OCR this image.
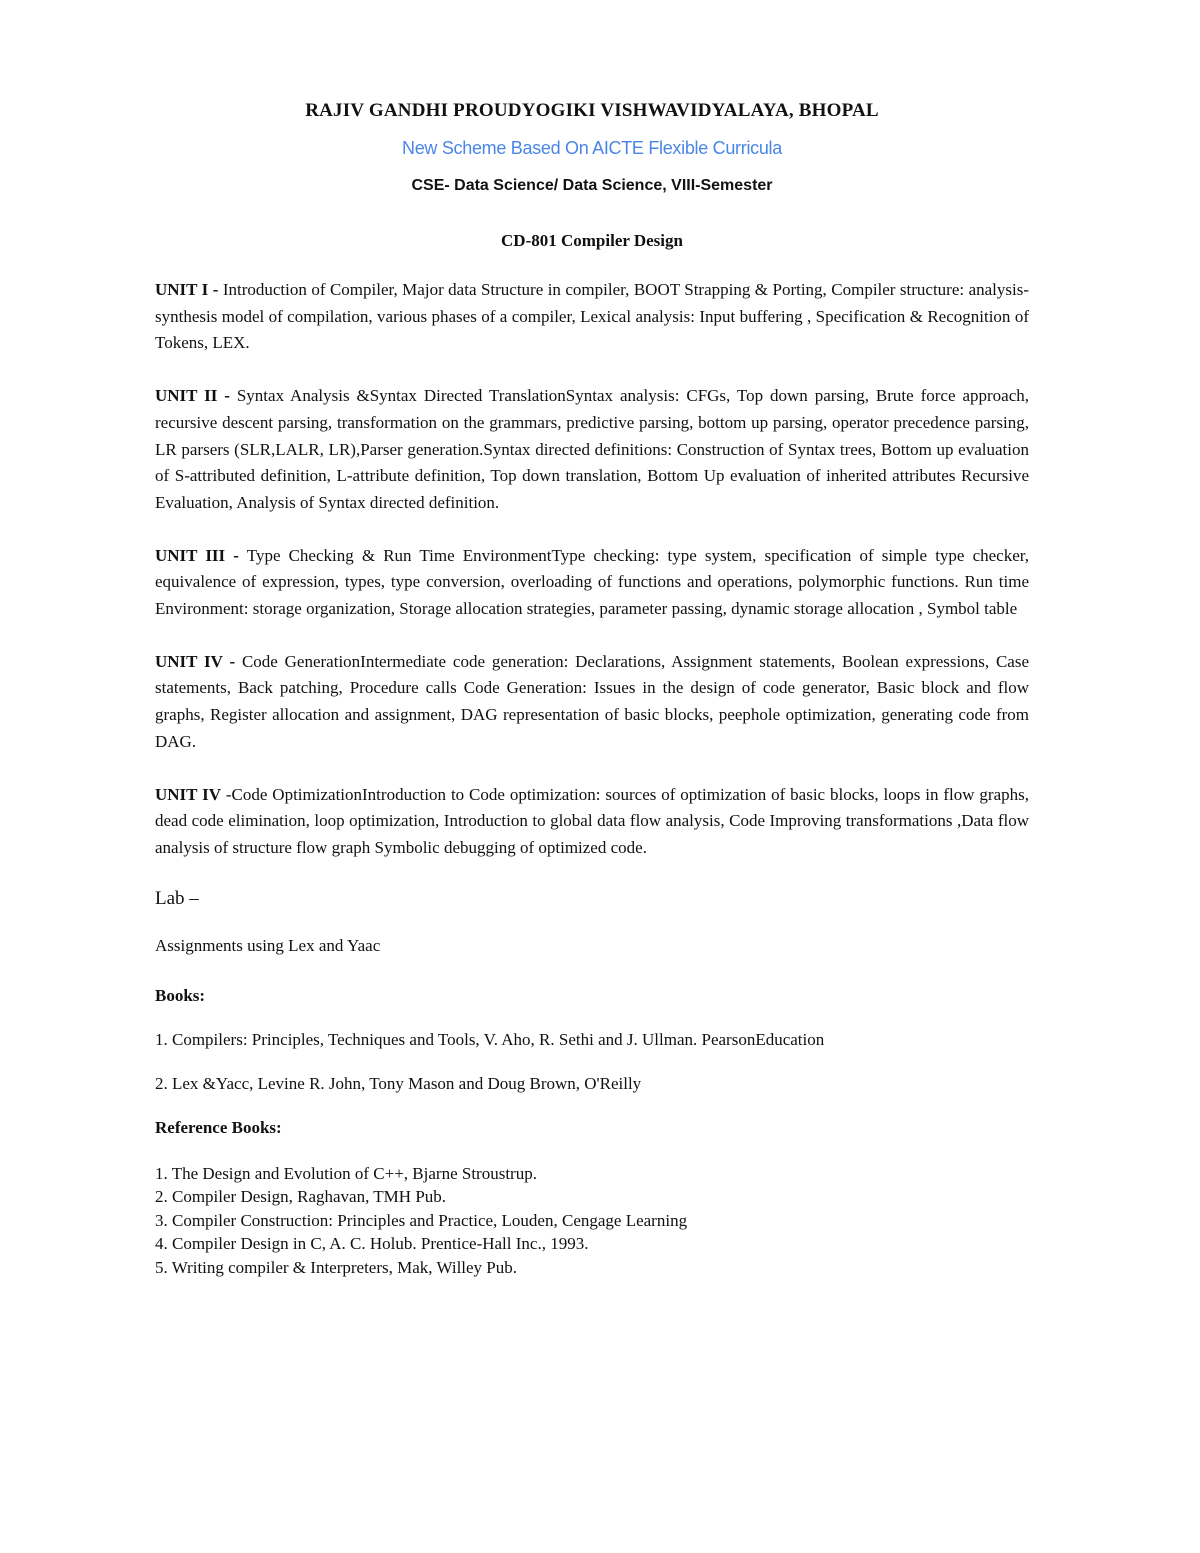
RAJIV GANDHI PROUDYOGIKI VISHWAVIDYALAYA, BHOPAL
New Scheme Based On AICTE Flexible Curricula
CSE- Data Science/ Data Science, VIII-Semester
CD-801 Compiler Design

UNIT I - Introduction of Compiler, Major data Structure in compiler, BOOT Strapping & Porting, Compiler structure: analysis-synthesis model of compilation, various phases of a compiler, Lexical analysis: Input buffering , Specification & Recognition of Tokens, LEX.

UNIT II - Syntax Analysis &Syntax Directed TranslationSyntax analysis: CFGs, Top down parsing, Brute force approach, recursive descent parsing, transformation on the grammars, predictive parsing, bottom up parsing, operator precedence parsing, LR parsers (SLR,LALR, LR),Parser generation.Syntax directed definitions: Construction of Syntax trees, Bottom up evaluation of S-attributed definition, L-attribute definition, Top down translation, Bottom Up evaluation of inherited attributes Recursive Evaluation, Analysis of Syntax directed definition.

UNIT III - Type Checking & Run Time EnvironmentType checking: type system, specification of simple type checker, equivalence of expression, types, type conversion, overloading of functions and operations, polymorphic functions. Run time Environment: storage organization, Storage allocation strategies, parameter passing, dynamic storage allocation , Symbol table

UNIT IV - Code GenerationIntermediate code generation: Declarations, Assignment statements, Boolean expressions, Case statements, Back patching, Procedure calls Code Generation: Issues in the design of code generator, Basic block and flow graphs, Register allocation and assignment, DAG representation of basic blocks, peephole optimization, generating code from DAG.

UNIT IV -Code OptimizationIntroduction to Code optimization: sources of optimization of basic blocks, loops in flow graphs, dead code elimination, loop optimization, Introduction to global data flow analysis, Code Improving transformations ,Data flow analysis of structure flow graph Symbolic debugging of optimized code.

Lab –
Assignments using Lex and Yaac
Books:
1. Compilers: Principles, Techniques and Tools, V. Aho, R. Sethi and J. Ullman. PearsonEducation
2. Lex &Yacc, Levine R. John, Tony Mason and Doug Brown, O'Reilly
Reference Books:
1. The Design and Evolution of C++, Bjarne Stroustrup.
2. Compiler Design, Raghavan, TMH Pub.
3. Compiler Construction: Principles and Practice, Louden, Cengage Learning
4. Compiler Design in C, A. C. Holub. Prentice-Hall Inc., 1993.
5. Writing compiler & Interpreters, Mak, Willey Pub.
